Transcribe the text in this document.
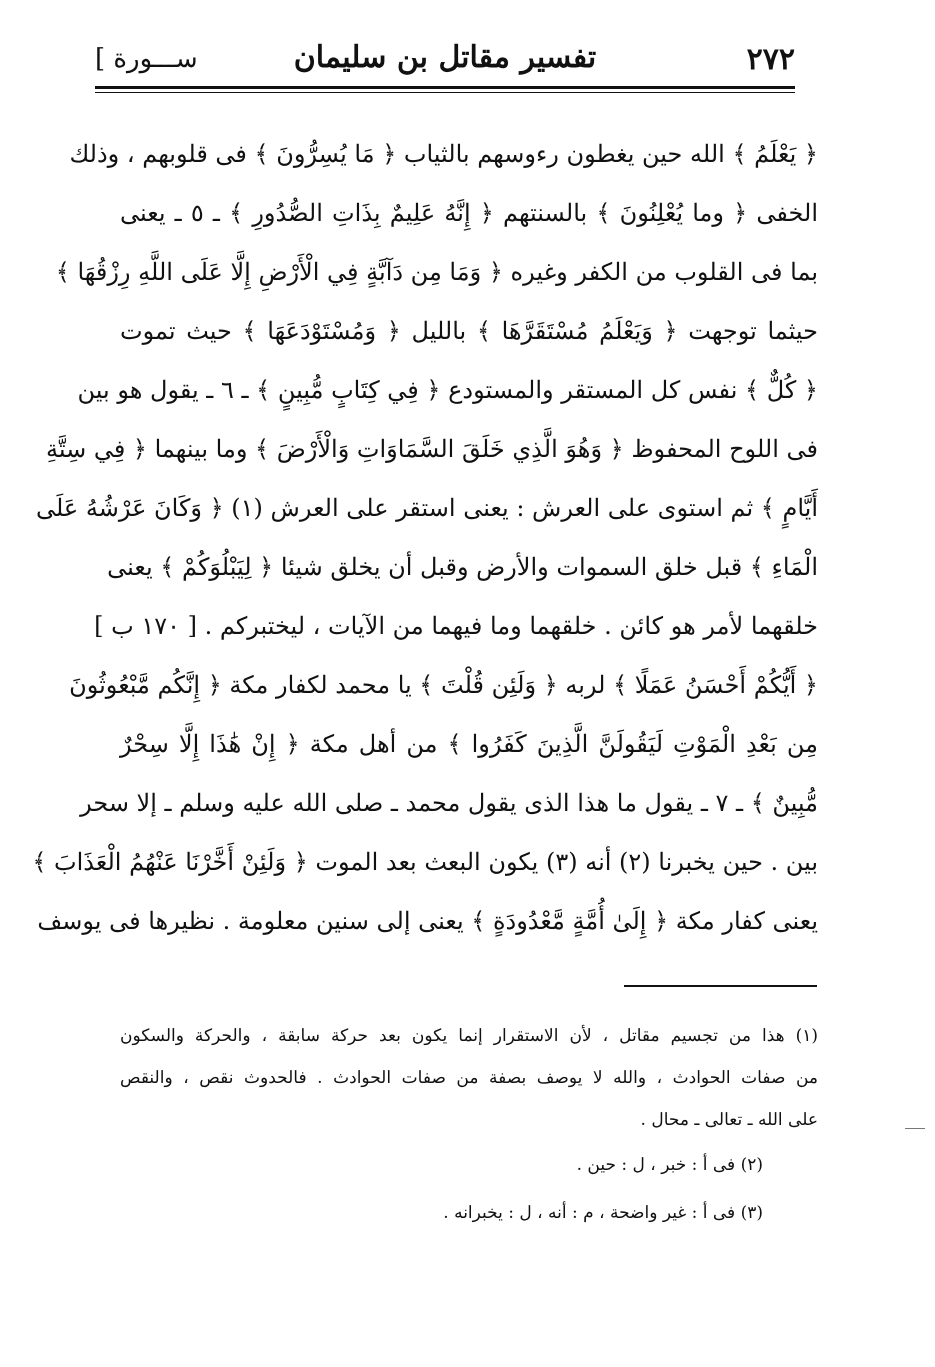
[ ســـورة	تفسير مقاتل بن سليمان	٢٧٢
﴿ يَعْلَمُ ﴾ الله حين يغطون رءوسهم بالثياب ﴿ مَا يُسِرُّونَ ﴾ فى قلوبهم ، وذلك
الخفى ﴿ وما يُعْلِنُونَ ﴾ بالسنتهم ﴿ إِنَّهُ عَلِيمٌ بِذَاتِ الصُّدُورِ ﴾ ـ ٥ ـ يعنى
بما فى القلوب من الكفر وغيره ﴿ وَمَا مِن دَآبَّةٍ فِي الْأَرْضِ إِلَّا عَلَى اللَّهِ رِزْقُهَا ﴾
حيثما توجهت ﴿ وَيَعْلَمُ مُسْتَقَرَّهَا ﴾ بالليل ﴿ وَمُسْتَوْدَعَهَا ﴾ حيث تموت
﴿ كُلٌّ ﴾ نفس كل المستقر والمستودع ﴿ فِي كِتَابٍ مُّبِينٍ ﴾ ـ ٦ ـ يقول هو بين
فى اللوح المحفوظ ﴿ وَهُوَ الَّذِي خَلَقَ السَّمَاوَاتِ وَالْأَرْضَ ﴾ وما بينهما ﴿ فِي سِتَّةِ
أَيَّامٍ ﴾ ثم استوى على العرش : يعنى استقر على العرش (١) ﴿ وَكَانَ عَرْشُهُ عَلَى
الْمَاءِ ﴾ قبل خلق السموات والأرض وقبل أن يخلق شيئا ﴿ لِيَبْلُوَكُمْ ﴾ يعنى
خلقهما لأمر هو كائن . خلقهما وما فيهما من الآيات ، ليختبركم . [ ١٧٠ ب ]
﴿ أَيُّكُمْ أَحْسَنُ عَمَلًا ﴾ لربه ﴿ وَلَئِن قُلْتَ ﴾ يا محمد لكفار مكة ﴿ إِنَّكُم مَّبْعُوثُونَ
مِن بَعْدِ الْمَوْتِ لَيَقُولَنَّ الَّذِينَ كَفَرُوا ﴾ من أهل مكة ﴿ إِنْ هَٰذَا إِلَّا سِحْرٌ
مُّبِينٌ ﴾ ـ ٧ ـ يقول ما هذا الذى يقول محمد ـ صلى الله عليه وسلم ـ إلا سحر
بين . حين يخبرنا (٢) أنه (٣) يكون البعث بعد الموت ﴿ وَلَئِنْ أَخَّرْنَا عَنْهُمُ الْعَذَابَ ﴾
يعنى كفار مكة ﴿ إِلَىٰ أُمَّةٍ مَّعْدُودَةٍ ﴾ يعنى إلى سنين معلومة . نظيرها فى يوسف
(١) هذا من تجسيم مقاتل ، لأن الاستقرار إنما يكون بعد حركة سابقة ، والحركة والسكون
من صفات الحوادث ، والله لا يوصف بصفة من صفات الحوادث . فالحدوث نقص ، والنقص
على الله ـ تعالى ـ محال .
(٢) فى أ : خبر ، ل : حين .
(٣) فى أ : غير واضحة ، م : أنه ، ل : يخبرانه .
